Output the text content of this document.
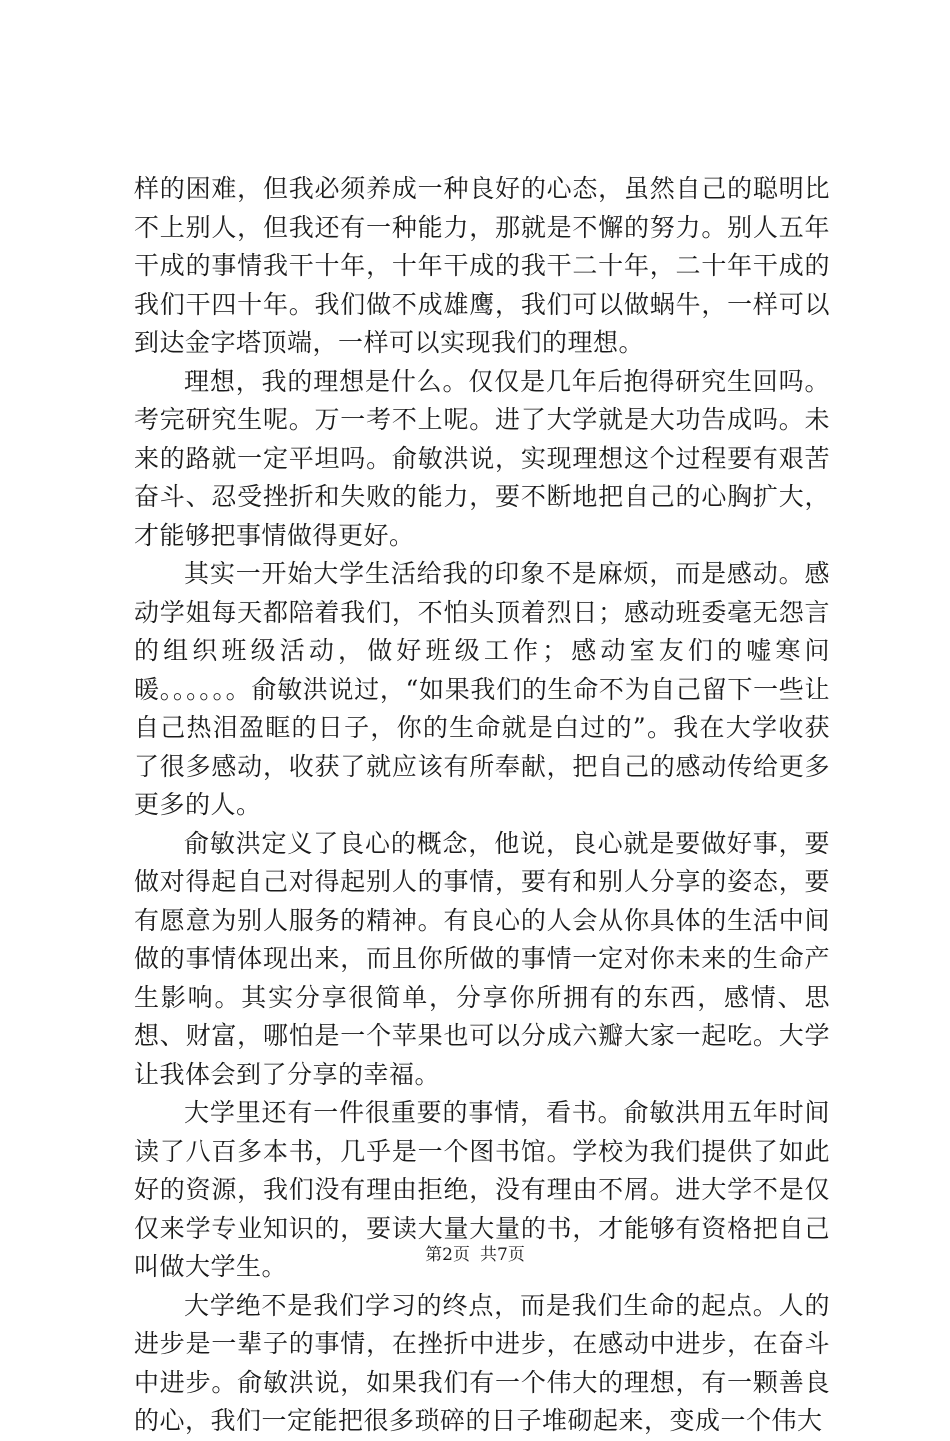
样的困难，但我必须养成一种良好的心态，虽然自己的聪明比不上别人，但我还有一种能力，那就是不懈的努力。别人五年干成的事情我干十年，十年干成的我干二十年，二十年干成的我们干四十年。我们做不成雄鹰，我们可以做蜗牛，一样可以到达金字塔顶端，一样可以实现我们的理想。

理想，我的理想是什么。仅仅是几年后抱得研究生回吗。考完研究生呢。万一考不上呢。进了大学就是大功告成吗。未来的路就一定平坦吗。俞敏洪说，实现理想这个过程要有艰苦奋斗、忍受挫折和失败的能力，要不断地把自己的心胸扩大，才能够把事情做得更好。

其实一开始大学生活给我的印象不是麻烦，而是感动。感动学姐每天都陪着我们，不怕头顶着烈日；感动班委毫无怨言的组织班级活动，做好班级工作；感动室友们的嘘寒问暖。。。。。。俞敏洪说过，“如果我们的生命不为自己留下一些让自己热泪盈眶的日子，你的生命就是白过的”。我在大学收获了很多感动，收获了就应该有所奉献，把自己的感动传给更多更多的人。

俞敏洪定义了良心的概念，他说，良心就是要做好事，要做对得起自己对得起别人的事情，要有和别人分享的姿态，要有愿意为别人服务的精神。有良心的人会从你具体的生活中间做的事情体现出来，而且你所做的事情一定对你未来的生命产生影响。其实分享很简单，分享你所拥有的东西，感情、思想、财富，哪怕是一个苹果也可以分成六瓣大家一起吃。大学让我体会到了分享的幸福。

大学里还有一件很重要的事情，看书。俞敏洪用五年时间读了八百多本书，几乎是一个图书馆。学校为我们提供了如此好的资源，我们没有理由拒绝，没有理由不屑。进大学不是仅仅来学专业知识的，要读大量大量的书，才能够有资格把自己叫做大学生。

大学绝不是我们学习的终点，而是我们生命的起点。人的进步是一辈子的事情，在挫折中进步，在感动中进步，在奋斗中进步。俞敏洪说，如果我们有一个伟大的理想，有一颗善良的心，我们一定能把很多琐碎的日子堆砌起来，变成一个伟大

第2页 共7页
